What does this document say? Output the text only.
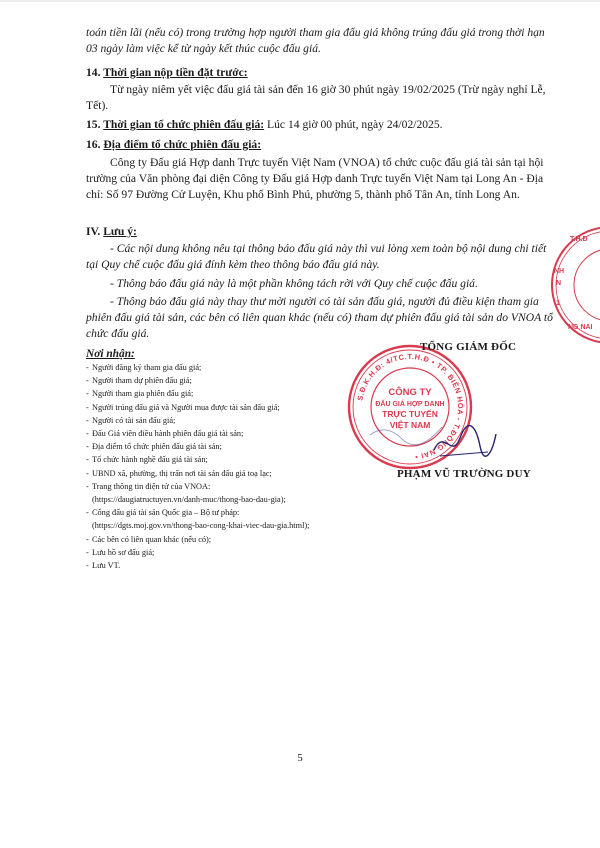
toán tiền lãi (nếu có) trong trường hợp người tham gia đấu giá không trúng đấu giá trong thời hạn 03 ngày làm việc kể từ ngày kết thúc cuộc đấu giá.

14. Thời gian nộp tiền đặt trước:

Từ ngày niêm yết việc đấu giá tài sản đến 16 giờ 30 phút ngày 19/02/2025 (Trừ ngày nghỉ Lễ, Tết).

15. Thời gian tổ chức phiên đấu giá: Lúc 14 giờ 00 phút, ngày 24/02/2025.

16. Địa điểm tổ chức phiên đấu giá:

Công ty Đấu giá Hợp danh Trực tuyến Việt Nam (VNOA) tổ chức cuộc đấu giá tài sản tại hội trường của Văn phòng đại diện Công ty Đấu giá Hợp danh Trực tuyến Việt Nam tại Long An - Địa chỉ: Số 97 Đường Cử Luyện, Khu phố Bình Phú, phường 5, thành phố Tân An, tỉnh Long An.

IV. Lưu ý:

- Các nội dung không nêu tại thông báo đấu giá này thì vui lòng xem toàn bộ nội dung chi tiết tại Quy chế cuộc đấu giá đính kèm theo thông báo đấu giá này.

- Thông báo đấu giá này là một phần không tách rời với Quy chế cuộc đấu giá.

- Thông báo đấu giá này thay thư mời người có tài sản đấu giá, người đủ điều kiện tham gia phiên đấu giá tài sản, các bên có liên quan khác (nếu có) tham dự phiên đấu giá tài sản do VNOA tổ chức đấu giá.

Nơi nhận:
- Người đăng ký tham gia đấu giá;
- Người tham dự phiên đấu giá;
- Người tham gia phiên đấu giá;
- Người trúng đấu giá và Người mua được tài sản đấu giá;
- Người có tài sản đấu giá;
- Đấu Giá viên điều hành phiên đấu giá tài sản;
- Địa điểm tổ chức phiên đấu giá tài sản;
- Tổ chức hành nghề đấu giá tài sản;
- UBND xã, phường, thị trấn nơi tài sản đấu giá toạ lạc;
- Trang thông tin điện tử của VNOA:
(https://daugiatructuyen.vn/danh-muc/thong-bao-dau-gia);
- Cổng đấu giá tài sản Quốc gia – Bộ tư pháp:
(https://dgts.moj.gov.vn/thong-bao-cong-khai-viec-dau-gia.html);
- Các bên có liên quan khác (nếu có);
- Lưu hồ sơ đấu giá;
- Lưu VT.
S.Đ.K.H.Đ: 4/TC.T.H.Đ • TP. BIÊN HÒA - T.ĐỒNG NAI •
CÔNG TY
ĐẤU GIÁ HỢP DANH
TRỰC TUYẾN
VIỆT NAM
T.H.Đ
NH
N
1
NG NAI
TỔNG GIÁM ĐỐC
PHẠM VŨ TRƯỜNG DUY
5
